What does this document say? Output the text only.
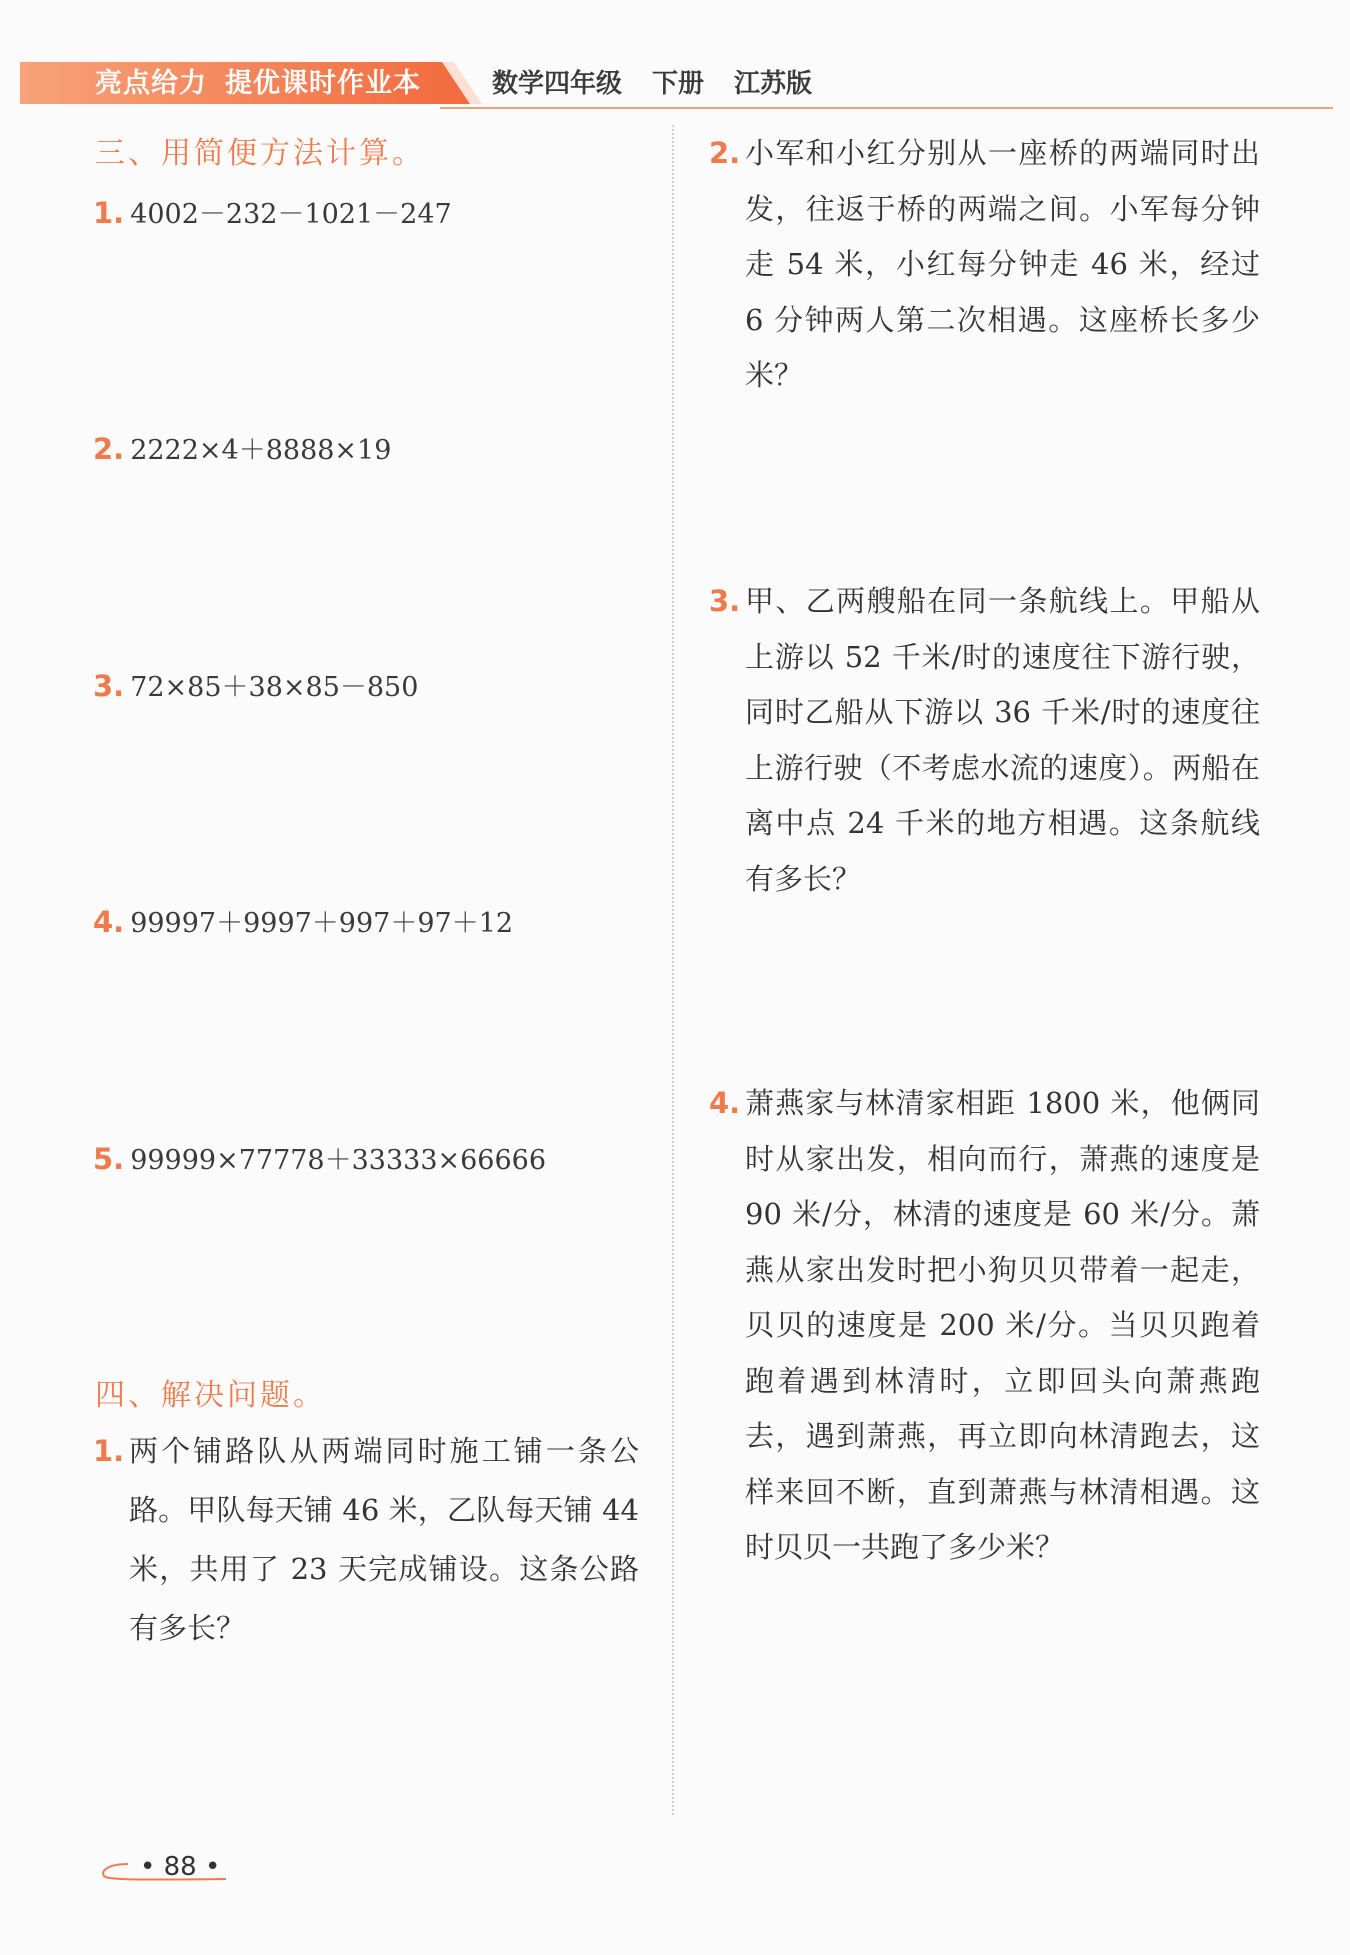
亮点给力 提优课时作业本	数学四年级 下册 江苏版
三、用简便方法计算。
1. 4002－232－1021－247
2. 2222×4＋8888×19
3. 72×85＋38×85－850
4. 99997＋9997＋997＋97＋12
5. 99999×77778＋33333×66666
四、解决问题。
1. 两个铺路队从两端同时施工铺一条公路。甲队每天铺 46 米，乙队每天铺 44 米，共用了 23 天完成铺设。这条公路有多长？
2. 小军和小红分别从一座桥的两端同时出发，往返于桥的两端之间。小军每分钟走 54 米，小红每分钟走 46 米，经过 6 分钟两人第二次相遇。这座桥长多少米？
3. 甲、乙两艘船在同一条航线上。甲船从上游以 52 千米/时的速度往下游行驶，同时乙船从下游以 36 千米/时的速度往上游行驶（不考虑水流的速度）。两船在离中点 24 千米的地方相遇。这条航线有多长？
4. 萧燕家与林清家相距 1800 米，他俩同时从家出发，相向而行，萧燕的速度是 90 米/分，林清的速度是 60 米/分。萧燕从家出发时把小狗贝贝带着一起走，贝贝的速度是 200 米/分。当贝贝跑着跑着遇到林清时，立即回头向萧燕跑去，遇到萧燕，再立即向林清跑去，这样来回不断，直到萧燕与林清相遇。这时贝贝一共跑了多少米？
• 88 •
